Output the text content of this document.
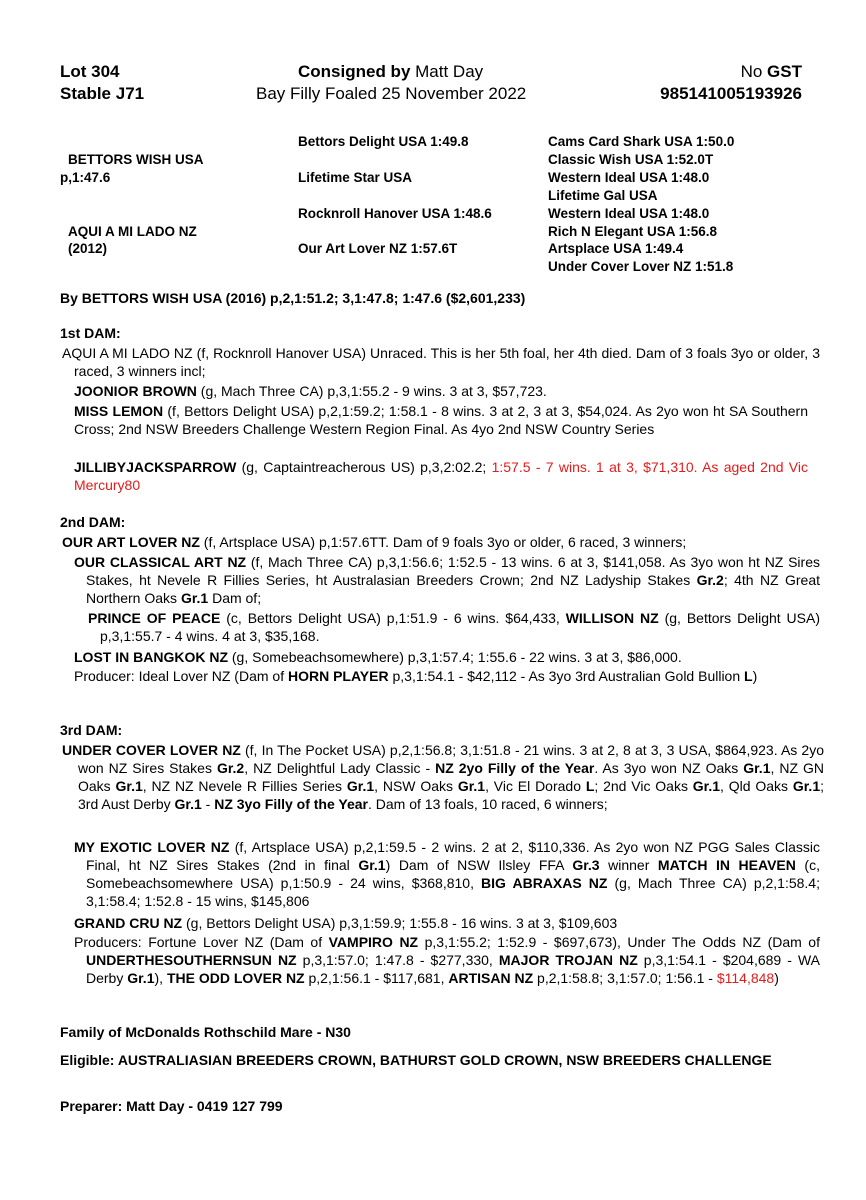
Lot 304
Stable J71
Consigned by Matt Day
Bay Filly Foaled 25 November 2022
No GST
985141005193926
BETTORS WISH USA
p,1:47.6
AQUI A MI LADO NZ
(2012)
Bettors Delight USA 1:49.8
Lifetime Star USA
Rocknroll Hanover USA 1:48.6
Our Art Lover NZ 1:57.6T
Cams Card Shark USA 1:50.0
Classic Wish USA 1:52.0T
Western Ideal USA 1:48.0
Lifetime Gal USA
Western Ideal USA 1:48.0
Rich N Elegant USA 1:56.8
Artsplace USA 1:49.4
Under Cover Lover NZ 1:51.8
By BETTORS WISH USA (2016) p,2,1:51.2; 3,1:47.8; 1:47.6 ($2,601,233)
1st DAM:
AQUI A MI LADO NZ (f, Rocknroll Hanover USA) Unraced. This is her 5th foal, her 4th died. Dam of 3 foals 3yo or older, 3 raced, 3 winners incl;
JOONIOR BROWN (g, Mach Three CA) p,3,1:55.2 - 9 wins. 3 at 3, $57,723.
MISS LEMON (f, Bettors Delight USA) p,2,1:59.2; 1:58.1 - 8 wins. 3 at 2, 3 at 3, $54,024. As 2yo won ht SA Southern Cross; 2nd NSW Breeders Challenge Western Region Final. As 4yo 2nd NSW Country Series
JILLIBYJACKSPARROW (g, Captaintreacherous US) p,3,2:02.2; 1:57.5 - 7 wins. 1 at 3, $71,310. As aged 2nd Vic Mercury80
2nd DAM:
OUR ART LOVER NZ (f, Artsplace USA) p,1:57.6TT. Dam of 9 foals 3yo or older, 6 raced, 3 winners;
OUR CLASSICAL ART NZ (f, Mach Three CA) p,3,1:56.6; 1:52.5 - 13 wins. 6 at 3, $141,058. As 3yo won ht NZ Sires Stakes, ht Nevele R Fillies Series, ht Australasian Breeders Crown; 2nd NZ Ladyship Stakes Gr.2; 4th NZ Great Northern Oaks Gr.1 Dam of;
PRINCE OF PEACE (c, Bettors Delight USA) p,1:51.9 - 6 wins. $64,433, WILLISON NZ (g, Bettors Delight USA) p,3,1:55.7 - 4 wins. 4 at 3, $35,168.
LOST IN BANGKOK NZ (g, Somebeachsomewhere) p,3,1:57.4; 1:55.6 - 22 wins. 3 at 3, $86,000.
Producer: Ideal Lover NZ (Dam of HORN PLAYER p,3,1:54.1 - $42,112 - As 3yo 3rd Australian Gold Bullion L)
3rd DAM:
UNDER COVER LOVER NZ (f, In The Pocket USA) p,2,1:56.8; 3,1:51.8 - 21 wins. 3 at 2, 8 at 3, 3 USA, $864,923. As 2yo won NZ Sires Stakes Gr.2, NZ Delightful Lady Classic - NZ 2yo Filly of the Year. As 3yo won NZ Oaks Gr.1, NZ GN Oaks Gr.1, NZ NZ Nevele R Fillies Series Gr.1, NSW Oaks Gr.1, Vic El Dorado L; 2nd Vic Oaks Gr.1, Qld Oaks Gr.1; 3rd Aust Derby Gr.1 - NZ 3yo Filly of the Year. Dam of 13 foals, 10 raced, 6 winners;
MY EXOTIC LOVER NZ (f, Artsplace USA) p,2,1:59.5 - 2 wins. 2 at 2, $110,336. As 2yo won NZ PGG Sales Classic Final, ht NZ Sires Stakes (2nd in final Gr.1) Dam of NSW Ilsley FFA Gr.3 winner MATCH IN HEAVEN (c, Somebeachsomewhere USA) p,1:50.9 - 24 wins, $368,810, BIG ABRAXAS NZ (g, Mach Three CA) p,2,1:58.4; 3,1:58.4; 1:52.8 - 15 wins, $145,806
GRAND CRU NZ (g, Bettors Delight USA) p,3,1:59.9; 1:55.8 - 16 wins. 3 at 3, $109,603
Producers: Fortune Lover NZ (Dam of VAMPIRO NZ p,3,1:55.2; 1:52.9 - $697,673), Under The Odds NZ (Dam of UNDERTHESOUTHERNSUN NZ p,3,1:57.0; 1:47.8 - $277,330, MAJOR TROJAN NZ p,3,1:54.1 - $204,689 - WA Derby Gr.1), THE ODD LOVER NZ p,2,1:56.1 - $117,681, ARTISAN NZ p,2,1:58.8; 3,1:57.0; 1:56.1 - $114,848)
Family of McDonalds Rothschild Mare - N30
Eligible: AUSTRALIASIAN BREEDERS CROWN, BATHURST GOLD CROWN, NSW BREEDERS CHALLENGE
Preparer: Matt Day - 0419 127 799
